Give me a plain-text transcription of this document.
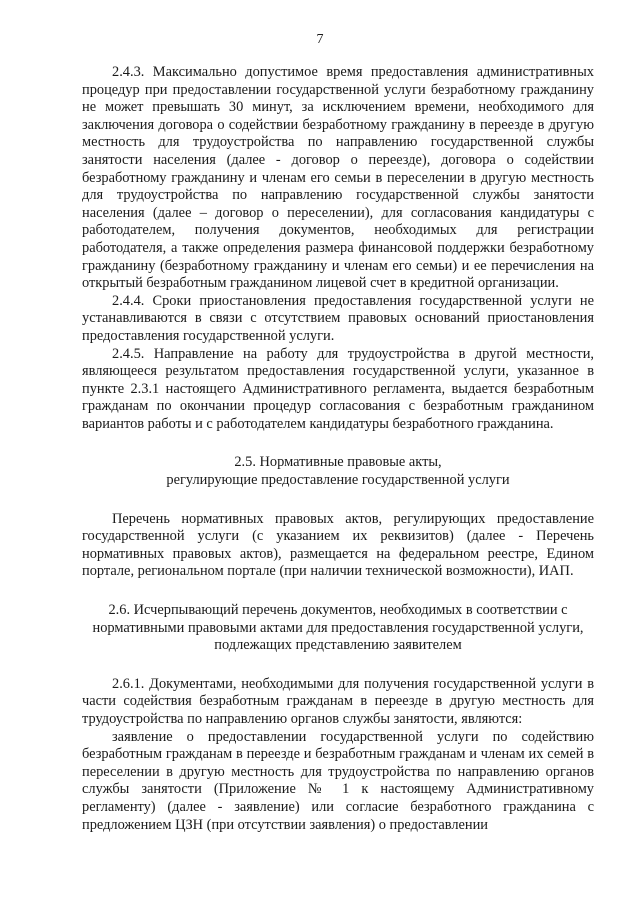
7

2.4.3. Максимально допустимое время предоставления административных процедур при предоставлении государственной услуги безработному гражданину не может превышать 30 минут, за исключением времени, необходимого для заключения договора о содействии безработному гражданину в переезде в другую местность для трудоустройства по направлению государственной службы занятости населения (далее - договор о переезде), договора о содействии безработному гражданину и членам его семьи в переселении в другую местность для трудоустройства по направлению государственной службы занятости населения (далее – договор о переселении), для согласования кандидатуры с работодателем, получения документов, необходимых для регистрации работодателя, а также определения размера финансовой поддержки безработному гражданину (безработному гражданину и членам его семьи) и ее перечисления на открытый безработным гражданином лицевой счет в кредитной организации.

2.4.4. Сроки приостановления предоставления государственной услуги не устанавливаются в связи с отсутствием правовых оснований приостановления предоставления государственной услуги.

2.4.5. Направление на работу для трудоустройства в другой местности, являющееся результатом предоставления государственной услуги, указанное в пункте 2.3.1 настоящего Административного регламента, выдается безработным гражданам по окончании процедур согласования с безработным гражданином вариантов работы и с работодателем кандидатуры безработного гражданина.

2.5. Нормативные правовые акты,
регулирующие предоставление государственной услуги

Перечень нормативных правовых актов, регулирующих предоставление государственной услуги (с указанием их реквизитов) (далее - Перечень нормативных правовых актов), размещается на федеральном реестре, Едином портале, региональном портале (при наличии технической возможности), ИАП.

2.6. Исчерпывающий перечень документов, необходимых в соответствии с
нормативными правовыми актами для предоставления государственной услуги,
подлежащих представлению заявителем

2.6.1. Документами, необходимыми для получения государственной услуги в части содействия безработным гражданам в переезде в другую местность для трудоустройства по направлению органов службы занятости, являются:

заявление о предоставлении государственной услуги по содействию безработным гражданам в переезде и безработным гражданам и членам их семей в переселении в другую местность для трудоустройства по направлению органов службы занятости (Приложение № 1 к настоящему Административному регламенту) (далее - заявление) или согласие безработного гражданина с предложением ЦЗН (при отсутствии заявления) о предоставлении
